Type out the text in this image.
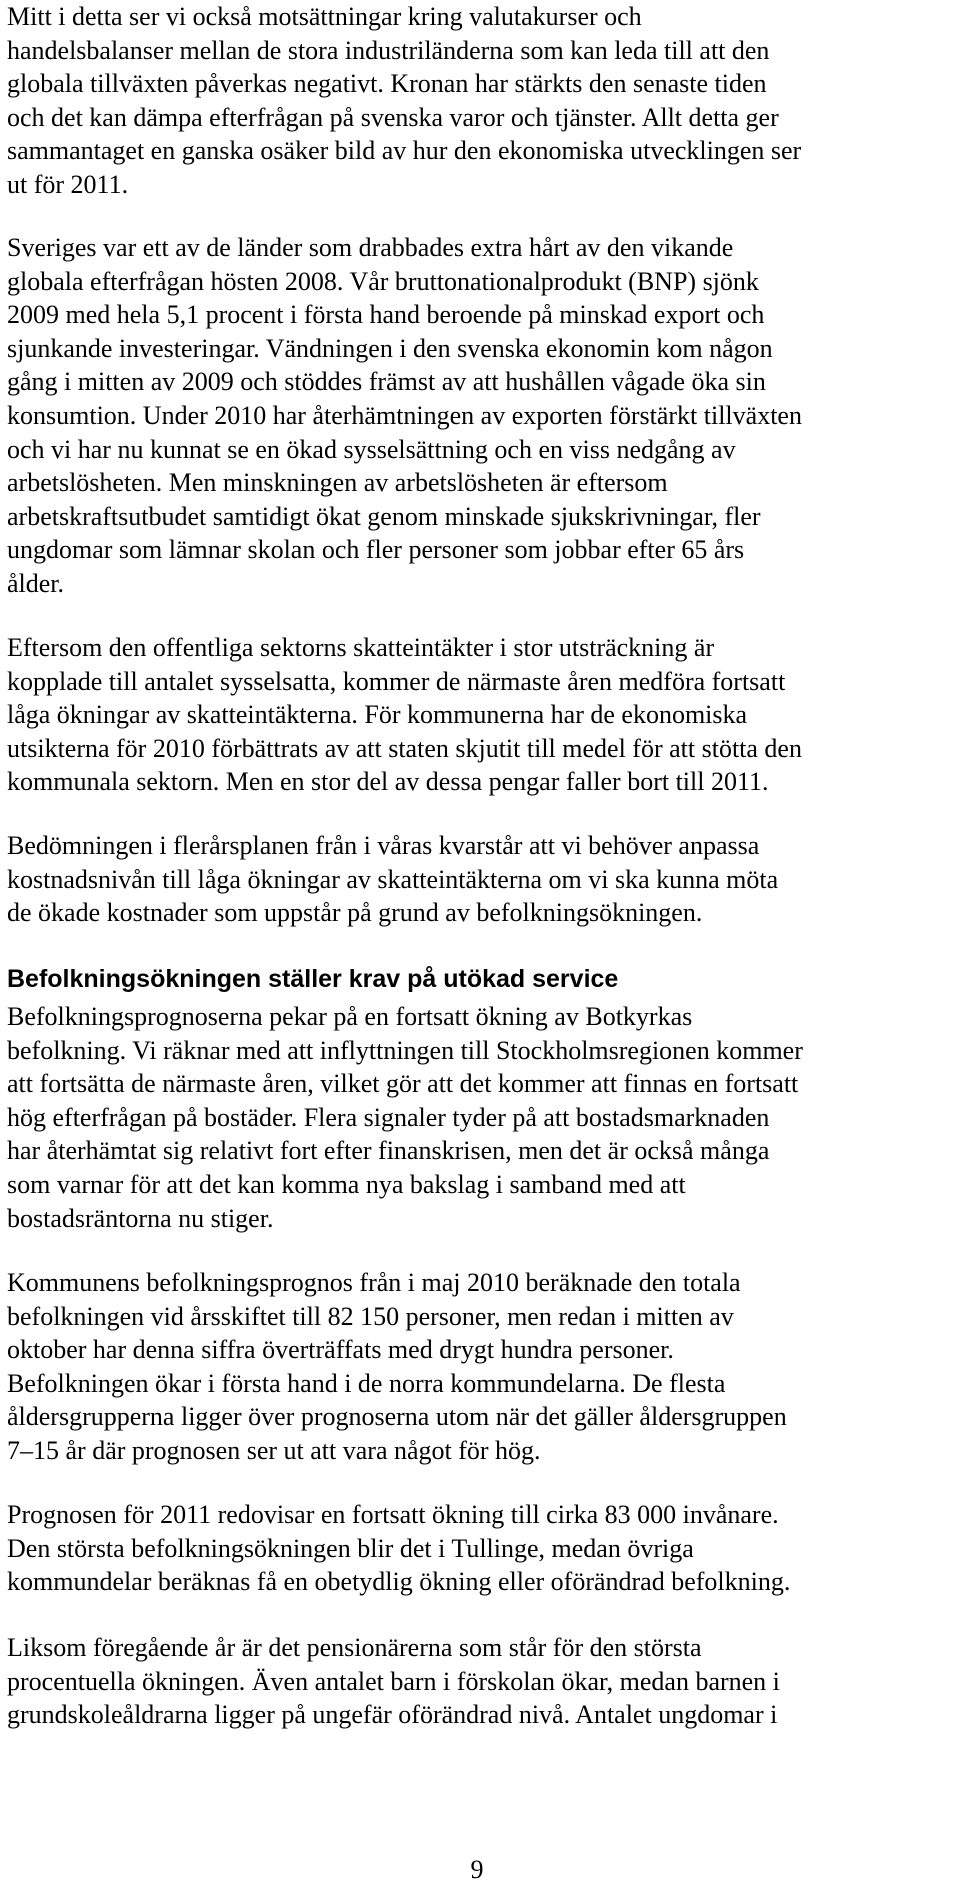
Mitt i detta ser vi också motsättningar kring valutakurser och
handelsbalanser mellan de stora industriländerna som kan leda till att den
globala tillväxten påverkas negativt. Kronan har stärkts den senaste tiden
och det kan dämpa efterfrågan på svenska varor och tjänster. Allt detta ger
sammantaget en ganska osäker bild av hur den ekonomiska utvecklingen ser
ut för 2011.

Sveriges var ett av de länder som drabbades extra hårt av den vikande
globala efterfrågan hösten 2008. Vår bruttonationalprodukt (BNP) sjönk
2009 med hela 5,1 procent i första hand beroende på minskad export och
sjunkande investeringar. Vändningen i den svenska ekonomin kom någon
gång i mitten av 2009 och stöddes främst av att hushållen vågade öka sin
konsumtion. Under 2010 har återhämtningen av exporten förstärkt tillväxten
och vi har nu kunnat se en ökad sysselsättning och en viss nedgång av
arbetslösheten. Men minskningen av arbetslösheten är eftersom
arbetskraftsutbudet samtidigt ökat genom minskade sjukskrivningar, fler
ungdomar som lämnar skolan och fler personer som jobbar efter 65 års
ålder.

Eftersom den offentliga sektorns skatteintäkter i stor utsträckning är
kopplade till antalet sysselsatta, kommer de närmaste åren medföra fortsatt
låga ökningar av skatteintäkterna. För kommunerna har de ekonomiska
utsikterna för 2010 förbättrats av att staten skjutit till medel för att stötta den
kommunala sektorn. Men en stor del av dessa pengar faller bort till 2011.

Bedömningen i flerårsplanen från i våras kvarstår att vi behöver anpassa
kostnadsnivån till låga ökningar av skatteintäkterna om vi ska kunna möta
de ökade kostnader som uppstår på grund av befolkningsökningen.

Befolkningsökningen ställer krav på utökad service

Befolkningsprognoserna pekar på en fortsatt ökning av Botkyrkas
befolkning. Vi räknar med att inflyttningen till Stockholmsregionen kommer
att fortsätta de närmaste åren, vilket gör att det kommer att finnas en fortsatt
hög efterfrågan på bostäder. Flera signaler tyder på att bostadsmarknaden
har återhämtat sig relativt fort efter finanskrisen, men det är också många
som varnar för att det kan komma nya bakslag i samband med att
bostadsräntorna nu stiger.

Kommunens befolkningsprognos från i maj 2010 beräknade den totala
befolkningen vid årsskiftet till 82 150 personer, men redan i mitten av
oktober har denna siffra överträffats med drygt hundra personer.
Befolkningen ökar i första hand i de norra kommundelarna. De flesta
åldersgrupperna ligger över prognoserna utom när det gäller åldersgruppen
7–15 år där prognosen ser ut att vara något för hög.

Prognosen för 2011 redovisar en fortsatt ökning till cirka 83 000 invånare.
Den största befolkningsökningen blir det i Tullinge, medan övriga
kommundelar beräknas få en obetydlig ökning eller oförändrad befolkning.

Liksom föregående år är det pensionärerna som står för den största
procentuella ökningen. Även antalet barn i förskolan ökar, medan barnen i
grundskoleåldrarna ligger på ungefär oförändrad nivå. Antalet ungdomar i

9
